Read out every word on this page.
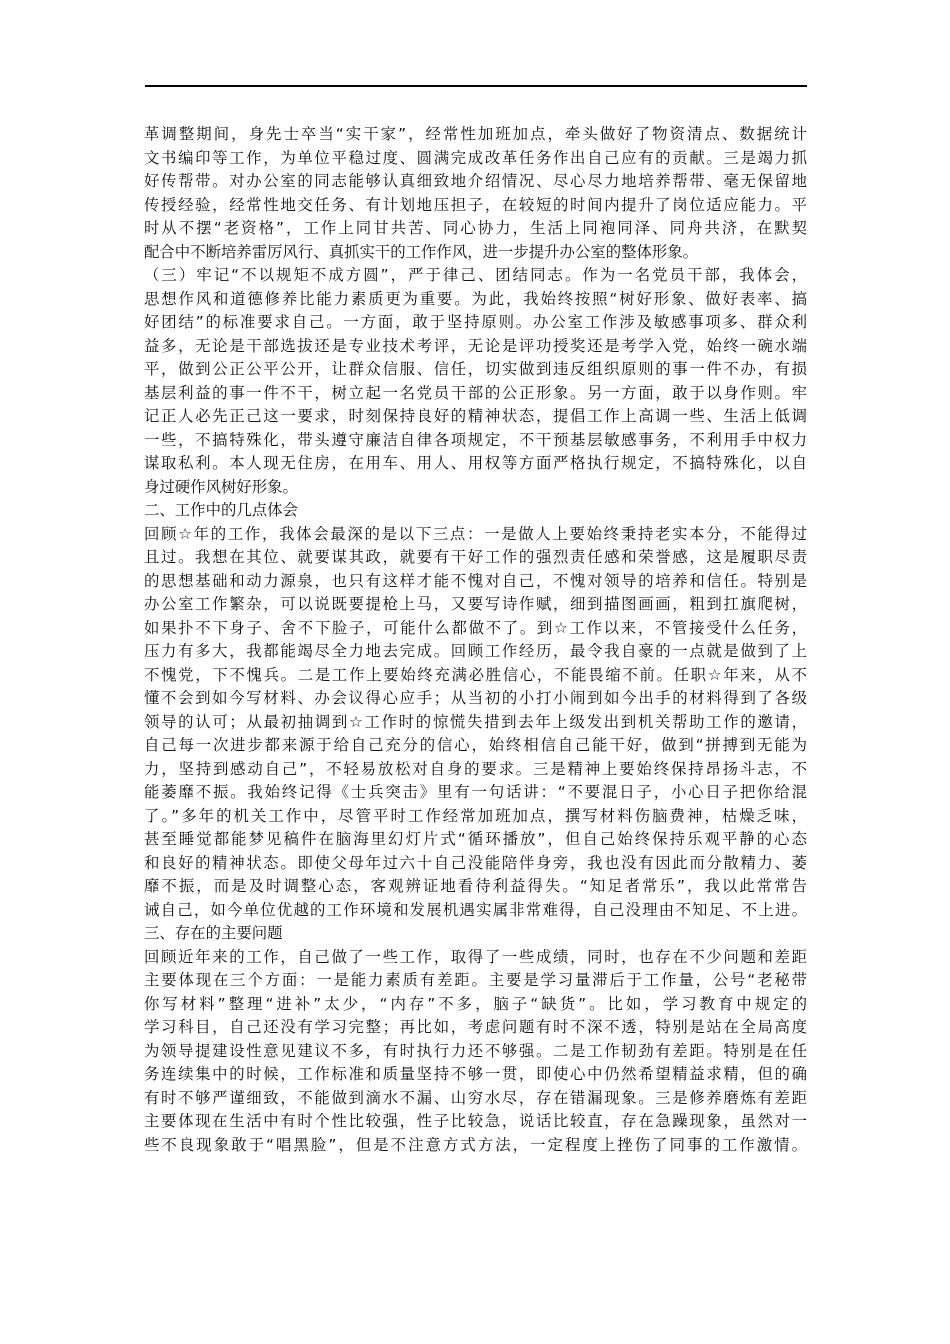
革调整期间，身先士卒当“实干家”，经常性加班加点，牵头做好了物资清点、数据统计
文书编印等工作，为单位平稳过度、圆满完成改革任务作出自己应有的贡献。三是竭力抓
好传帮带。对办公室的同志能够认真细致地介绍情况、尽心尽力地培养帮带、毫无保留地
传授经验，经常性地交任务、有计划地压担子，在较短的时间内提升了岗位适应能力。平
时从不摆“老资格”，工作上同甘共苦、同心协力，生活上同袍同泽、同舟共济，在默契
配合中不断培养雷厉风行、真抓实干的工作作风，进一步提升办公室的整体形象。
（三）牢记“不以规矩不成方圆”，严于律己、团结同志。作为一名党员干部，我体会，
思想作风和道德修养比能力素质更为重要。为此，我始终按照“树好形象、做好表率、搞
好团结”的标准要求自己。一方面，敢于坚持原则。办公室工作涉及敏感事项多、群众利
益多，无论是干部选拔还是专业技术考评，无论是评功授奖还是考学入党，始终一碗水端
平，做到公正公平公开，让群众信服、信任，切实做到违反组织原则的事一件不办，有损
基层利益的事一件不干，树立起一名党员干部的公正形象。另一方面，敢于以身作则。牢
记正人必先正己这一要求，时刻保持良好的精神状态，提倡工作上高调一些、生活上低调
一些，不搞特殊化，带头遵守廉洁自律各项规定，不干预基层敏感事务，不利用手中权力
谋取私利。本人现无住房，在用车、用人、用权等方面严格执行规定，不搞特殊化，以自
身过硬作风树好形象。
二、工作中的几点体会
回顾☆年的工作，我体会最深的是以下三点：一是做人上要始终秉持老实本分，不能得过
且过。我想在其位、就要谋其政，就要有干好工作的强烈责任感和荣誉感，这是履职尽责
的思想基础和动力源泉，也只有这样才能不愧对自己，不愧对领导的培养和信任。特别是
办公室工作繁杂，可以说既要提枪上马，又要写诗作赋，细到描图画画，粗到扛旗爬树，
如果扑不下身子、舍不下脸子，可能什么都做不了。到☆工作以来，不管接受什么任务，
压力有多大，我都能竭尽全力地去完成。回顾工作经历，最令我自豪的一点就是做到了上
不愧党，下不愧兵。二是工作上要始终充满必胜信心，不能畏缩不前。任职☆年来，从不
懂不会到如今写材料、办会议得心应手；从当初的小打小闹到如今出手的材料得到了各级
领导的认可；从最初抽调到☆工作时的惊慌失措到去年上级发出到机关帮助工作的邀请，
自己每一次进步都来源于给自己充分的信心，始终相信自己能干好，做到“拼搏到无能为
力，坚持到感动自己”，不轻易放松对自身的要求。三是精神上要始终保持昂扬斗志，不
能萎靡不振。我始终记得《士兵突击》里有一句话讲：“不要混日子，小心日子把你给混
了。”多年的机关工作中，尽管平时工作经常加班加点，撰写材料伤脑费神，枯燥乏味，
甚至睡觉都能梦见稿件在脑海里幻灯片式“循环播放”，但自己始终保持乐观平静的心态
和良好的精神状态。即使父母年过六十自己没能陪伴身旁，我也没有因此而分散精力、萎
靡不振，而是及时调整心态，客观辨证地看待利益得失。“知足者常乐”，我以此常常告
诫自己，如今单位优越的工作环境和发展机遇实属非常难得，自己没理由不知足、不上进。
三、存在的主要问题
回顾近年来的工作，自己做了一些工作，取得了一些成绩，同时，也存在不少问题和差距
主要体现在三个方面：一是能力素质有差距。主要是学习量滞后于工作量，公号“老秘带
你写材料”整理“进补”太少，“内存”不多，脑子“缺货”。比如，学习教育中规定的
学习科目，自己还没有学习完整；再比如，考虑问题有时不深不透，特别是站在全局高度
为领导提建设性意见建议不多，有时执行力还不够强。二是工作韧劲有差距。特别是在任
务连续集中的时候，工作标准和质量坚持不够一贯，即使心中仍然希望精益求精，但的确
有时不够严谨细致，不能做到滴水不漏、山穷水尽，存在错漏现象。三是修养磨炼有差距
主要体现在生活中有时个性比较强，性子比较急，说话比较直，存在急躁现象，虽然对一
些不良现象敢于“唱黑脸”，但是不注意方式方法，一定程度上挫伤了同事的工作激情。
